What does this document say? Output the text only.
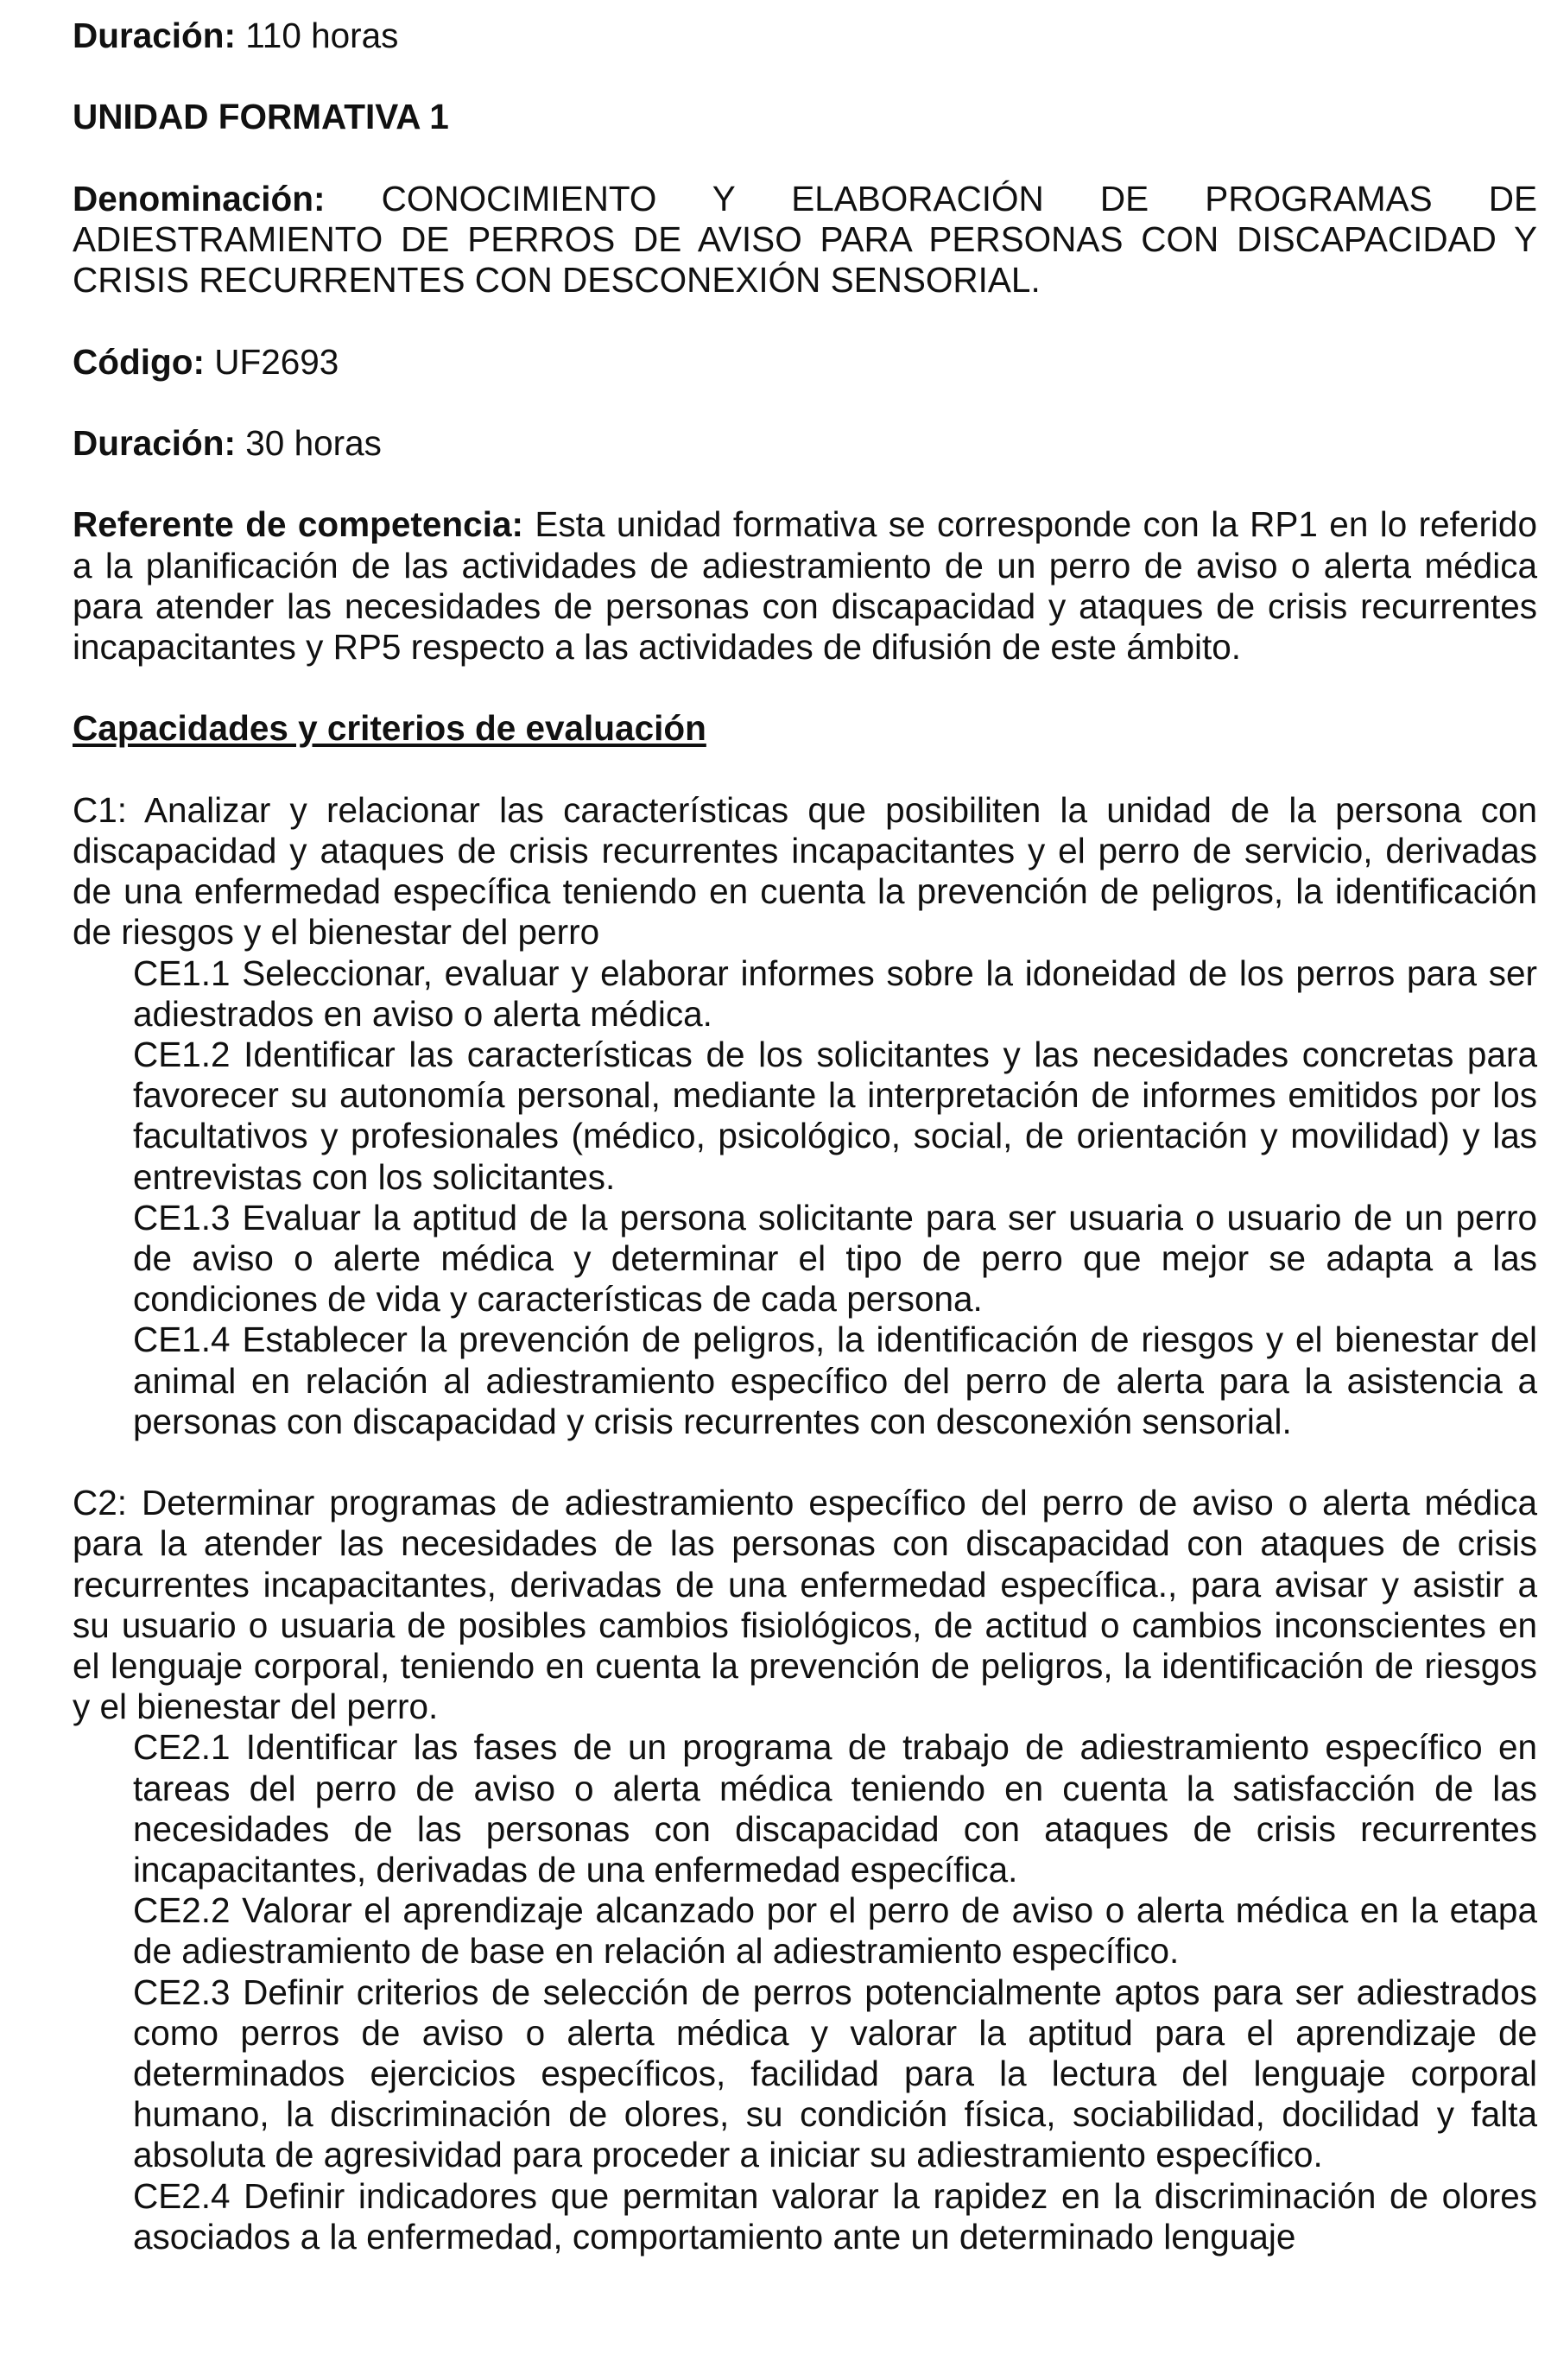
Duración: 110 horas

UNIDAD FORMATIVA 1

Denominación: CONOCIMIENTO Y ELABORACIÓN DE PROGRAMAS DE ADIESTRAMIENTO DE PERROS DE AVISO PARA PERSONAS CON DISCAPACIDAD Y CRISIS RECURRENTES CON DESCONEXIÓN SENSORIAL.

Código: UF2693

Duración: 30 horas

Referente de competencia: Esta unidad formativa se corresponde con la RP1 en lo referido a la planificación de las actividades de adiestramiento de un perro de aviso o alerta médica para atender las necesidades de personas con discapacidad y ataques de crisis recurrentes incapacitantes y RP5 respecto a las actividades de difusión de este ámbito.

Capacidades y criterios de evaluación

C1: Analizar y relacionar las características que posibiliten la unidad de la persona con discapacidad y ataques de crisis recurrentes incapacitantes y el perro de servicio, derivadas de una enfermedad específica teniendo en cuenta la prevención de peligros, la identificación de riesgos y el bienestar del perro

CE1.1 Seleccionar, evaluar y elaborar informes sobre la idoneidad de los perros para ser adiestrados en aviso o alerta médica.

CE1.2 Identificar las características de los solicitantes y las necesidades concretas para favorecer su autonomía personal, mediante la interpretación de informes emitidos por los facultativos y profesionales (médico, psicológico, social, de orientación y movilidad) y las entrevistas con los solicitantes.

CE1.3 Evaluar la aptitud de la persona solicitante para ser usuaria o usuario de un perro de aviso o alerte médica y determinar el tipo de perro que mejor se adapta a las condiciones de vida y características de cada persona.

CE1.4 Establecer la prevención de peligros, la identificación de riesgos y el bienestar del animal en relación al adiestramiento específico del perro de alerta para la asistencia a personas con discapacidad y crisis recurrentes con desconexión sensorial.

C2: Determinar programas de adiestramiento específico del perro de aviso o alerta médica para la atender las necesidades de las personas con discapacidad con ataques de crisis recurrentes incapacitantes, derivadas de una enfermedad específica., para avisar y asistir a su usuario o usuaria de posibles cambios fisiológicos, de actitud o cambios inconscientes en el lenguaje corporal, teniendo en cuenta la prevención de peligros, la identificación de riesgos y el bienestar del perro.

CE2.1 Identificar las fases de un programa de trabajo de adiestramiento específico en tareas del perro de aviso o alerta médica teniendo en cuenta la satisfacción de las necesidades de las personas con discapacidad con ataques de crisis recurrentes incapacitantes, derivadas de una enfermedad específica.

CE2.2 Valorar el aprendizaje alcanzado por el perro de aviso o alerta médica en la etapa de adiestramiento de base en relación al adiestramiento específico.

CE2.3 Definir criterios de selección de perros potencialmente aptos para ser adiestrados como perros de aviso o alerta médica y valorar la aptitud para el aprendizaje de determinados ejercicios específicos, facilidad para la lectura del lenguaje corporal humano, la discriminación de olores, su condición física, sociabilidad, docilidad y falta absoluta de agresividad para proceder a iniciar su adiestramiento específico.

CE2.4 Definir indicadores que permitan valorar la rapidez en la discriminación de olores asociados a la enfermedad, comportamiento ante un determinado lenguaje
